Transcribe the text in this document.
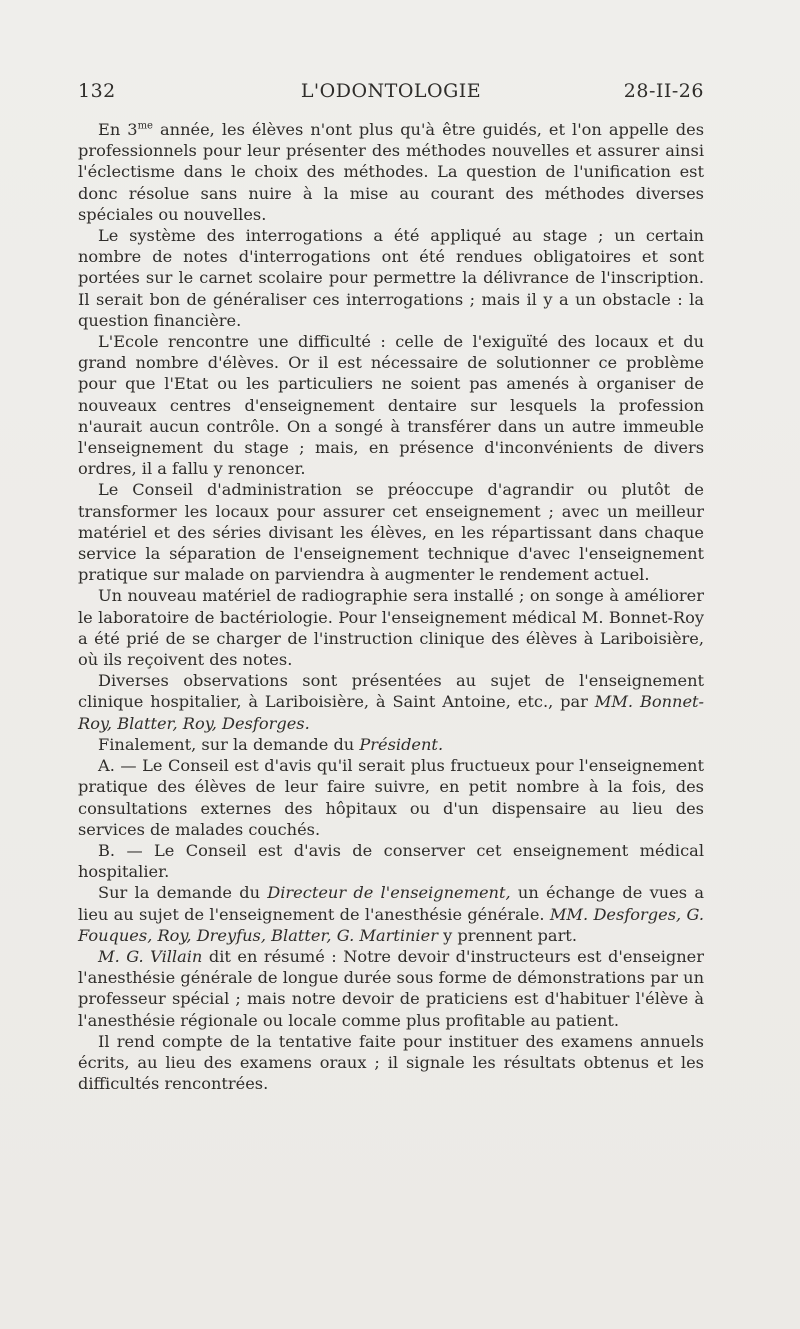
132	L'ODONTOLOGIE	28-II-26

En $3^{me}$ année, les élèves n'ont plus qu'à être guidés, et l'on appelle des professionnels pour leur présenter des méthodes nouvelles et assurer ainsi l'éclectisme dans le choix des méthodes. La question de l'unification est donc résolue sans nuire à la mise au courant des méthodes diverses spéciales ou nouvelles.

Le système des interrogations a été appliqué au stage ; un certain nombre de notes d'interrogations ont été rendues obligatoires et sont portées sur le carnet scolaire pour permettre la délivrance de l'inscription. Il serait bon de généraliser ces interrogations ; mais il y a un obstacle : la question financière.

L'Ecole rencontre une difficulté : celle de l'exiguïté des locaux et du grand nombre d'élèves. Or il est nécessaire de solutionner ce problème pour que l'Etat ou les particuliers ne soient pas amenés à organiser de nouveaux centres d'enseignement dentaire sur lesquels la profession n'aurait aucun contrôle. On a songé à transférer dans un autre immeuble l'enseignement du stage ; mais, en présence d'inconvénients de divers ordres, il a fallu y renoncer.

Le Conseil d'administration se préoccupe d'agrandir ou plutôt de transformer les locaux pour assurer cet enseignement ; avec un meilleur matériel et des séries divisant les élèves, en les répartissant dans chaque service la séparation de l'enseignement technique d'avec l'enseignement pratique sur malade on parviendra à augmenter le rendement actuel.

Un nouveau matériel de radiographie sera installé ; on songe à améliorer le laboratoire de bactériologie. Pour l'enseignement médical M. Bonnet-Roy a été prié de se charger de l'instruction clinique des élèves à Lariboisière, où ils reçoivent des notes.

Diverses observations sont présentées au sujet de l'enseignement clinique hospitalier, à Lariboisière, à Saint Antoine, etc., par MM. Bonnet-Roy, Blatter, Roy, Desforges.

Finalement, sur la demande du Président.

A. — Le Conseil est d'avis qu'il serait plus fructueux pour l'enseignement pratique des élèves de leur faire suivre, en petit nombre à la fois, des consultations externes des hôpitaux ou d'un dispensaire au lieu des services de malades couchés.

B. — Le Conseil est d'avis de conserver cet enseignement médical hospitalier.

Sur la demande du Directeur de l'enseignement, un échange de vues a lieu au sujet de l'enseignement de l'anesthésie générale. MM. Desforges, G. Fouques, Roy, Dreyfus, Blatter, G. Martinier y prennent part.

M. G. Villain dit en résumé : Notre devoir d'instructeurs est d'enseigner l'anesthésie générale de longue durée sous forme de démonstrations par un professeur spécial ; mais notre devoir de praticiens est d'habituer l'élève à l'anesthésie régionale ou locale comme plus profitable au patient.

Il rend compte de la tentative faite pour instituer des examens annuels écrits, au lieu des examens oraux ; il signale les résultats obtenus et les difficultés rencontrées.
